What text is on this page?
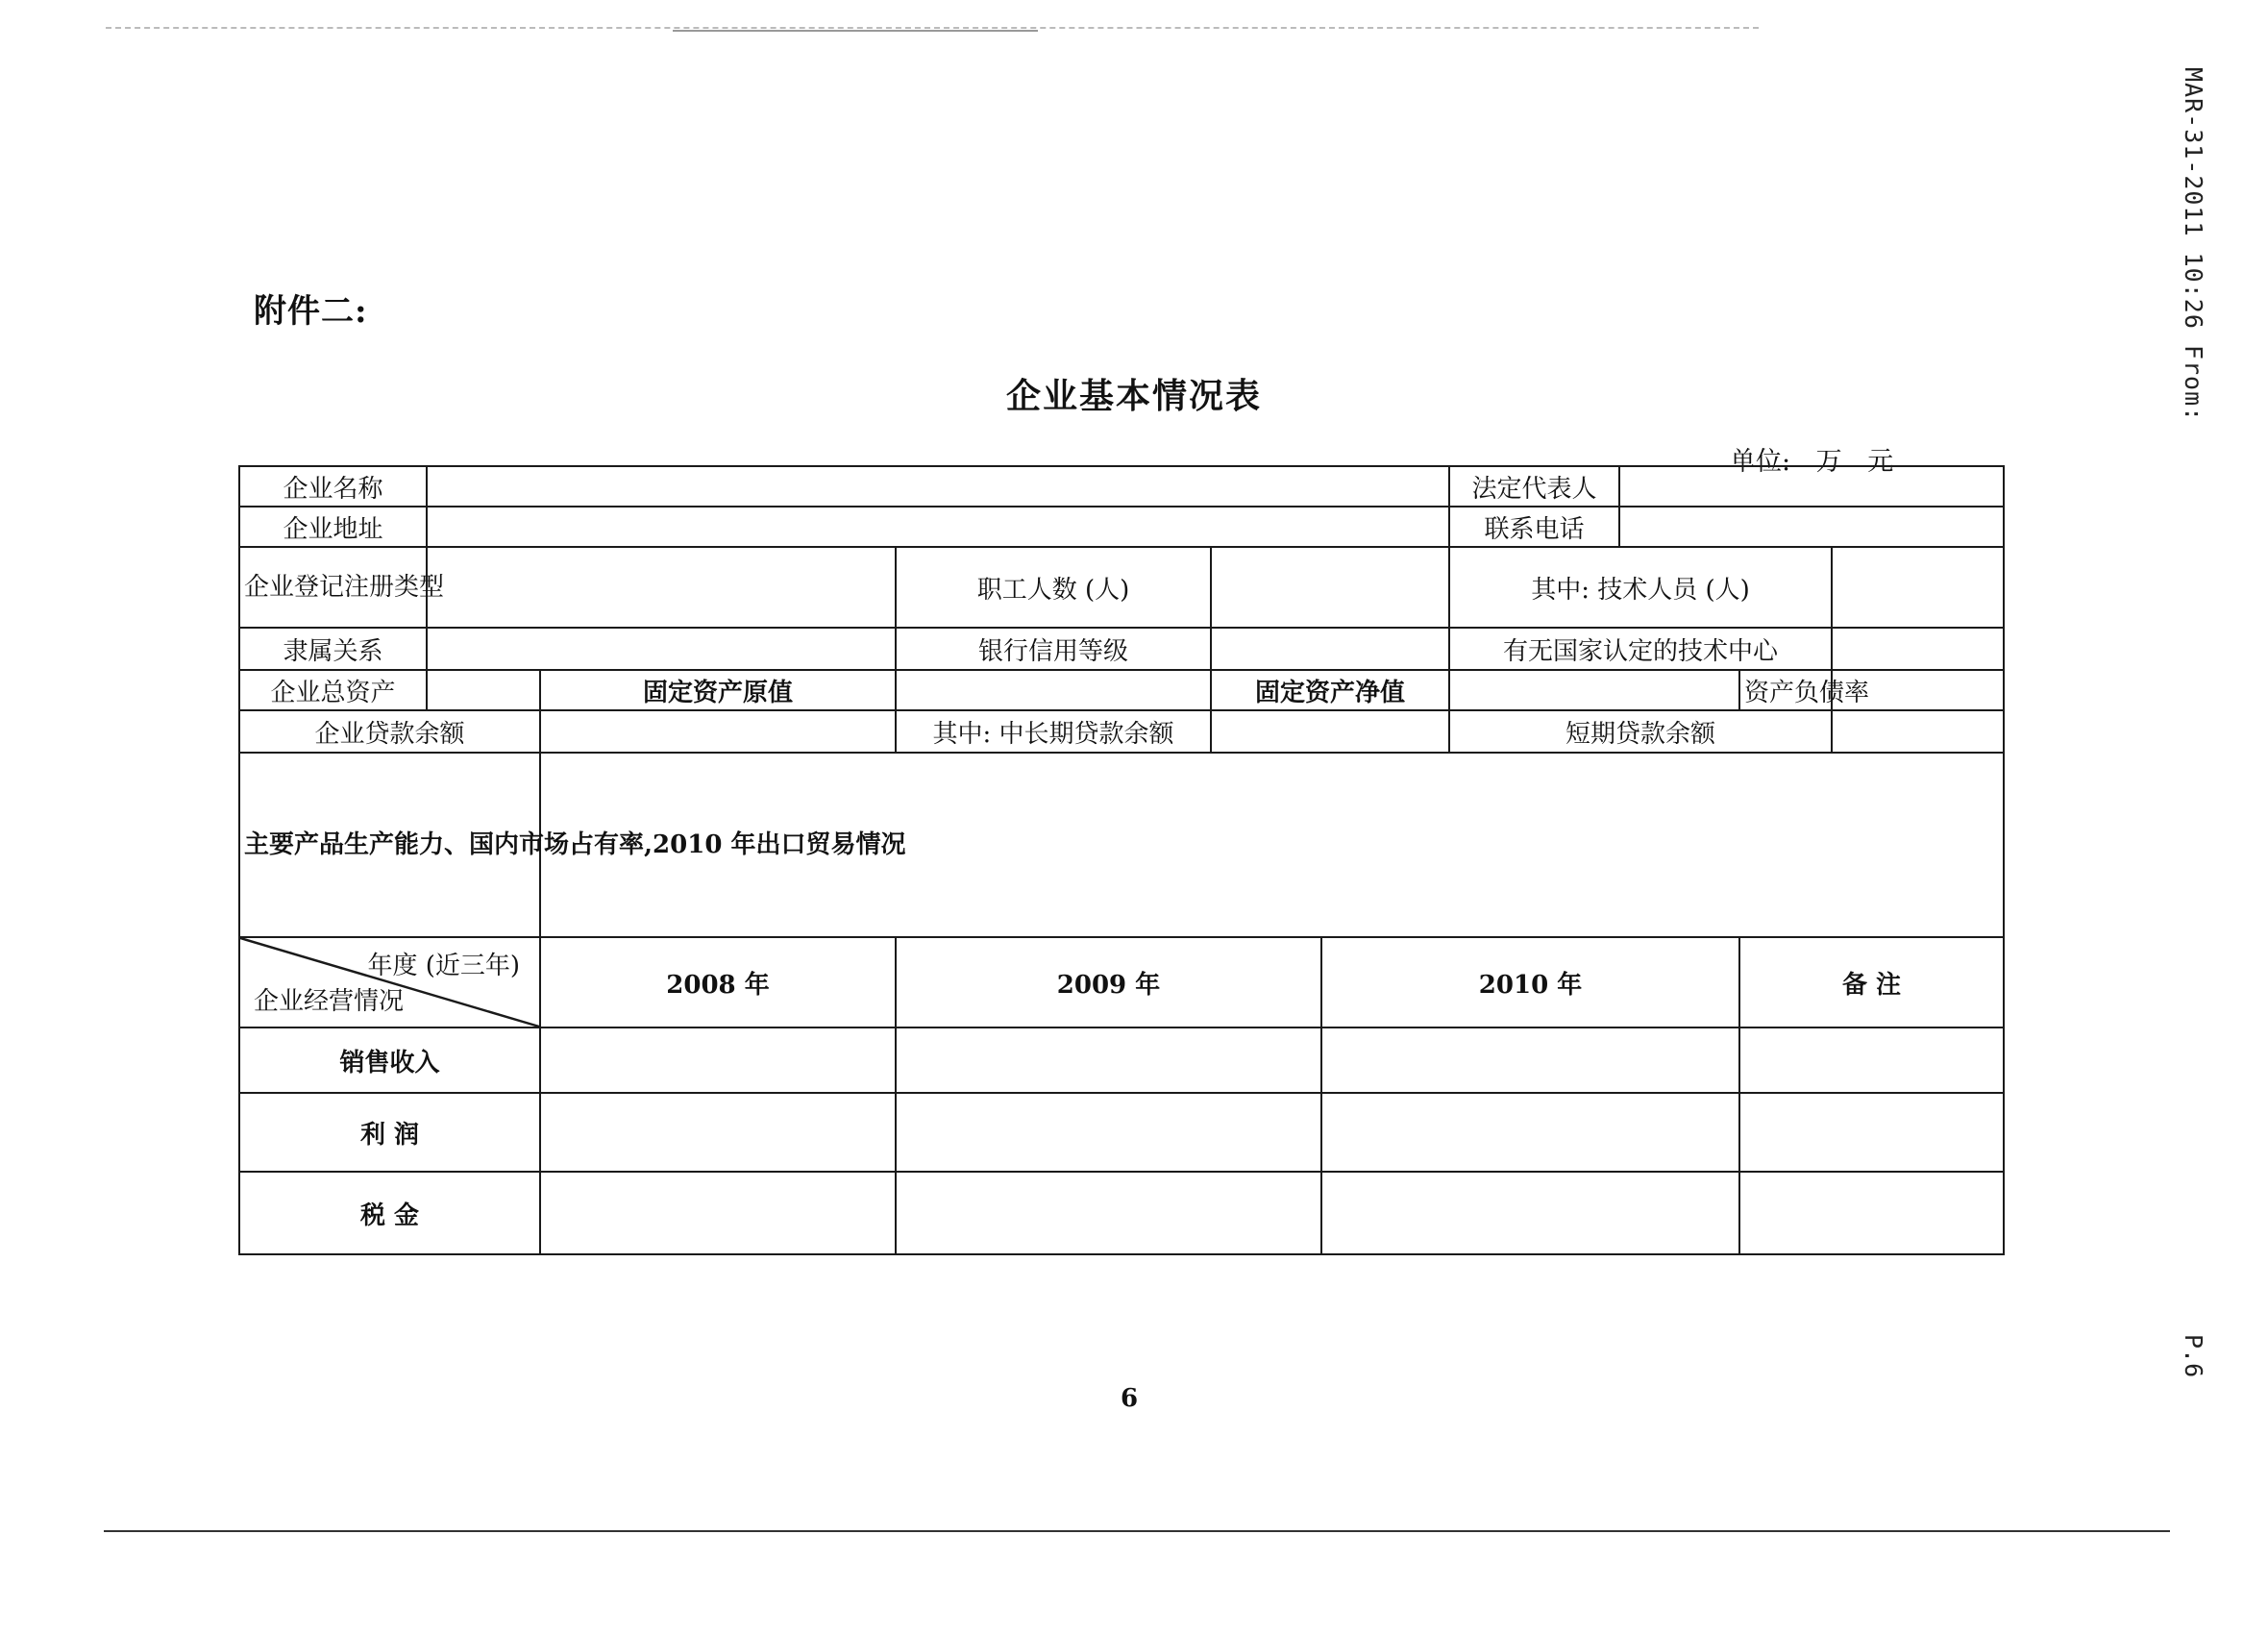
MAR-31-2011 10:26 From:
P.6
附件二:
企业基本情况表
单位: 万 元
企业名称						法定代表人			
企业地址						联系电话			
企业登记注册类型			职工人数 (人)			其中: 技术人员 (人)			
隶属关系			银行信用等级			有无国家认定的技术中心			
企业总资产		固定资产原值		固定资产净值				资产负债率	
企业贷款余额			其中: 中长期贷款余额			短期贷款余额			
主要产品生产能力、国内市场占有率,2010 年出口贸易情况									

年度 (近三年)
企业经营情况		2008 年	2009 年		2010 年			备 注	
销售收入									
利 润									
税 金									
6
